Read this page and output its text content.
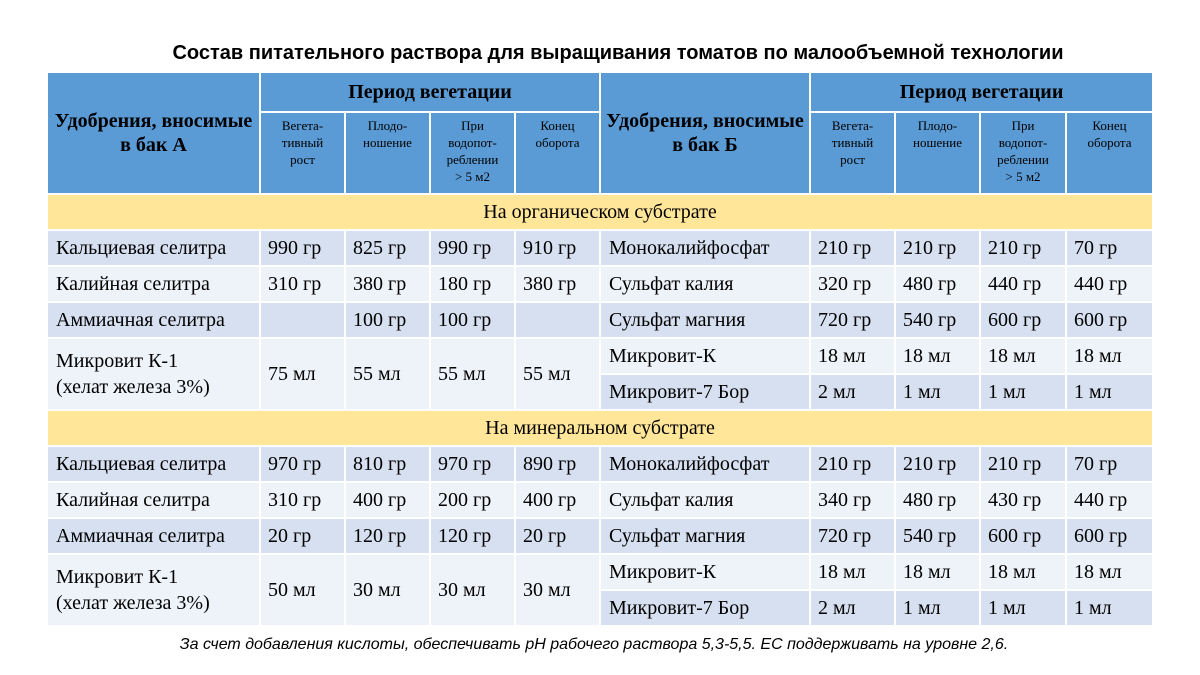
Состав питательного раствора для выращивания томатов по малообъемной технологии
Удобрения, вносимые в бак А	Период вегетации				Удобрения, вносимые в бак Б	Период вегетации			
	Вегета-
тивный
рост	Плодо-
ношение	При
водопот-
реблении
> 5 м2	Конец
оборота		Вегета-
тивный
рост	Плодо-
ношение	При
водопот-
реблении
> 5 м2	Конец
оборота
На органическом субстрате									
Кальциевая селитра	990 гр	825 гр	990 гр	910 гр	Монокалийфосфат	210 гр	210 гр	210 гр	70 гр
Калийная селитра	310 гр	380 гр	180 гр	380 гр	Сульфат калия	320 гр	480 гр	440 гр	440 гр
Аммиачная селитра		100 гр	100 гр		Сульфат магния	720 гр	540 гр	600 гр	600 гр
Микровит К-1
(хелат железа 3%)	75 мл	55 мл	55 мл	55 мл	Микровит-К	18 мл	18 мл	18 мл	18 мл
					Микровит-7 Бор	2 мл	1 мл	1 мл	1 мл
На минеральном субстрате									
Кальциевая селитра	970 гр	810 гр	970 гр	890 гр	Монокалийфосфат	210 гр	210 гр	210 гр	70 гр
Калийная селитра	310 гр	400 гр	200 гр	400 гр	Сульфат калия	340 гр	480 гр	430 гр	440 гр
Аммиачная селитра	20 гр	120 гр	120 гр	20 гр	Сульфат магния	720 гр	540 гр	600 гр	600 гр
Микровит К-1
(хелат железа 3%)	50 мл	30 мл	30 мл	30 мл	Микровит-К	18 мл	18 мл	18 мл	18 мл
					Микровит-7 Бор	2 мл	1 мл	1 мл	1 мл
За счет добавления кислоты, обеспечивать рН рабочего раствора 5,3-5,5. ЕС поддерживать на уровне 2,6.
